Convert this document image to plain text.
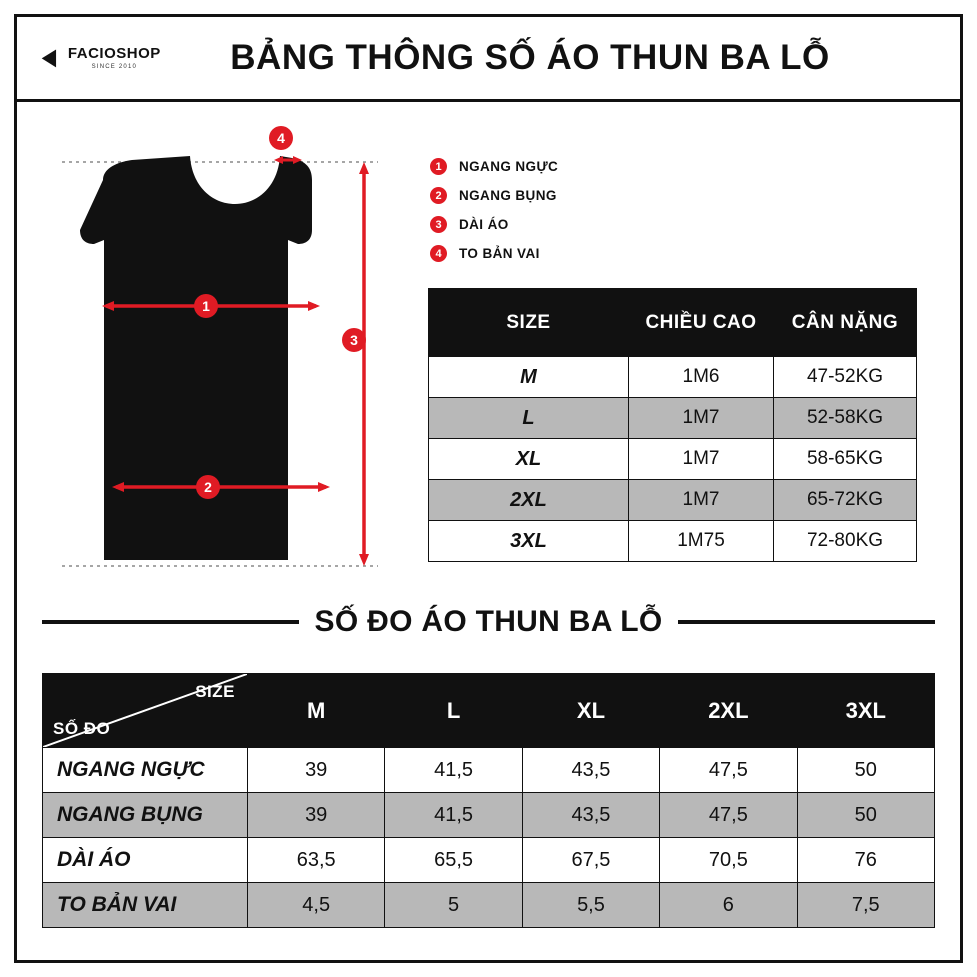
◄ FACIOSHOP
SINCE 2010	BẢNG THÔNG SỐ ÁO THUN BA LỖ
1
2
3
4
1	NGANG NGỰC
2	NGANG BỤNG
3	DÀI ÁO
4	TO BẢN VAI
SIZE	CHIỀU CAO	CÂN NẶNG
M	1M6	47-52KG
L	1M7	52-58KG
XL	1M7	58-65KG
2XL	1M7	65-72KG
3XL	1M75	72-80KG
SỐ ĐO ÁO THUN BA LỖ
SIZE
SỐ ĐO	M	L	XL	2XL	3XL
NGANG NGỰC	39	41,5	43,5	47,5	50
NGANG BỤNG	39	41,5	43,5	47,5	50
DÀI ÁO	63,5	65,5	67,5	70,5	76
TO BẢN VAI	4,5	5	5,5	6	7,5
